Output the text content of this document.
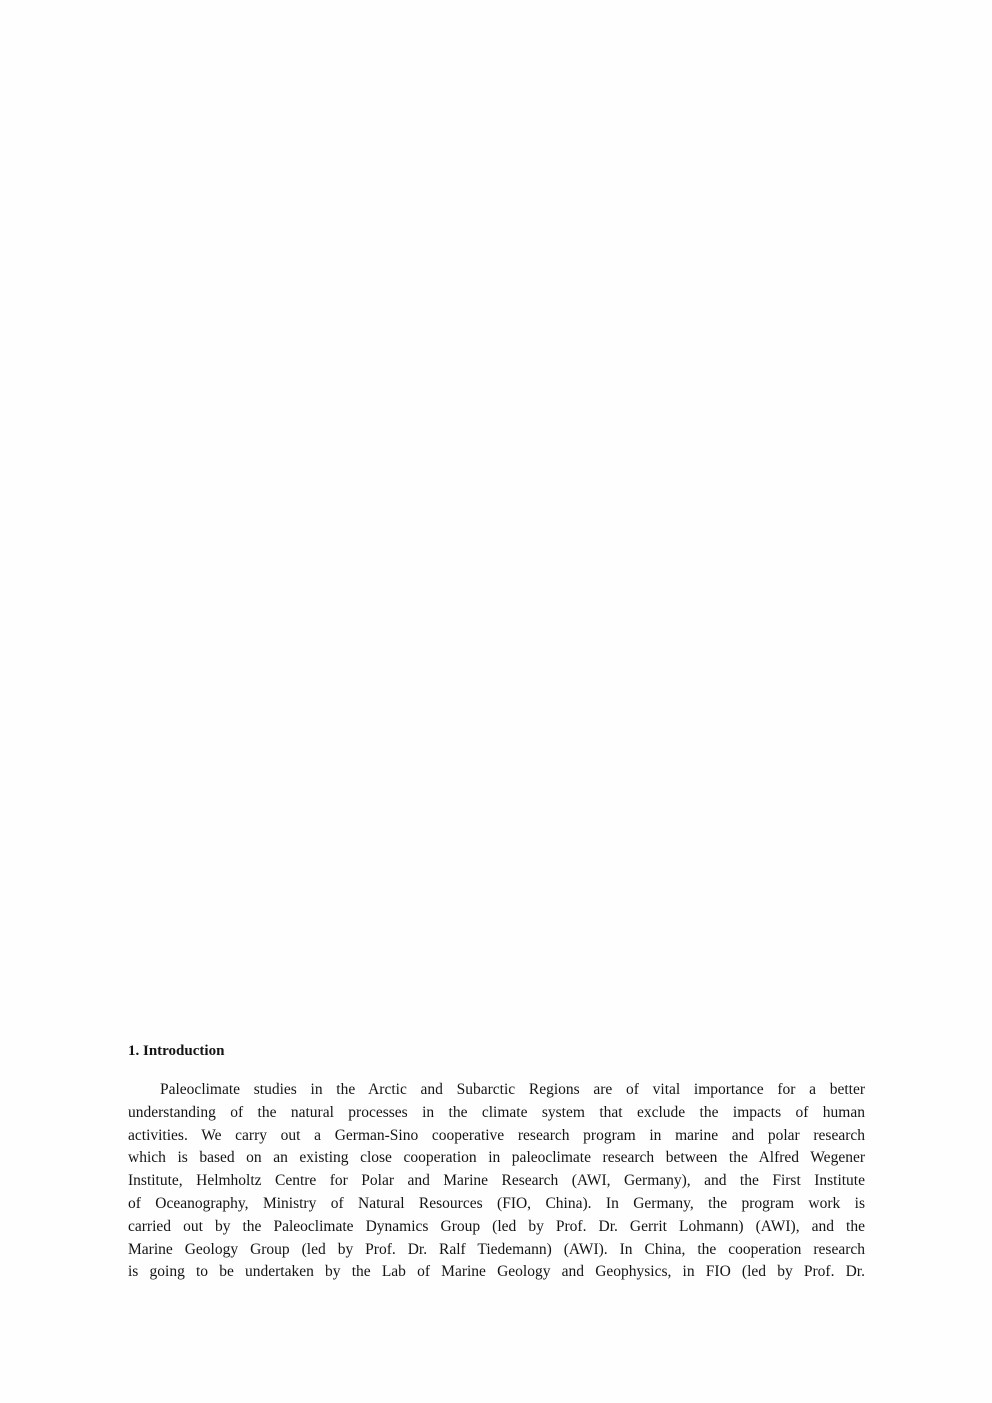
1. Introduction

Paleoclimate studies in the Arctic and Subarctic Regions are of vital importance for a better
understanding of the natural processes in the climate system that exclude the impacts of human
activities. We carry out a German-Sino cooperative research program in marine and polar research
which is based on an existing close cooperation in paleoclimate research between the Alfred Wegener
Institute, Helmholtz Centre for Polar and Marine Research (AWI, Germany), and the First Institute
of Oceanography, Ministry of Natural Resources (FIO, China). In Germany, the program work is
carried out by the Paleoclimate Dynamics Group (led by Prof. Dr. Gerrit Lohmann) (AWI), and the
Marine Geology Group (led by Prof. Dr. Ralf Tiedemann) (AWI). In China, the cooperation research
is going to be undertaken by the Lab of Marine Geology and Geophysics, in FIO (led by Prof. Dr.
